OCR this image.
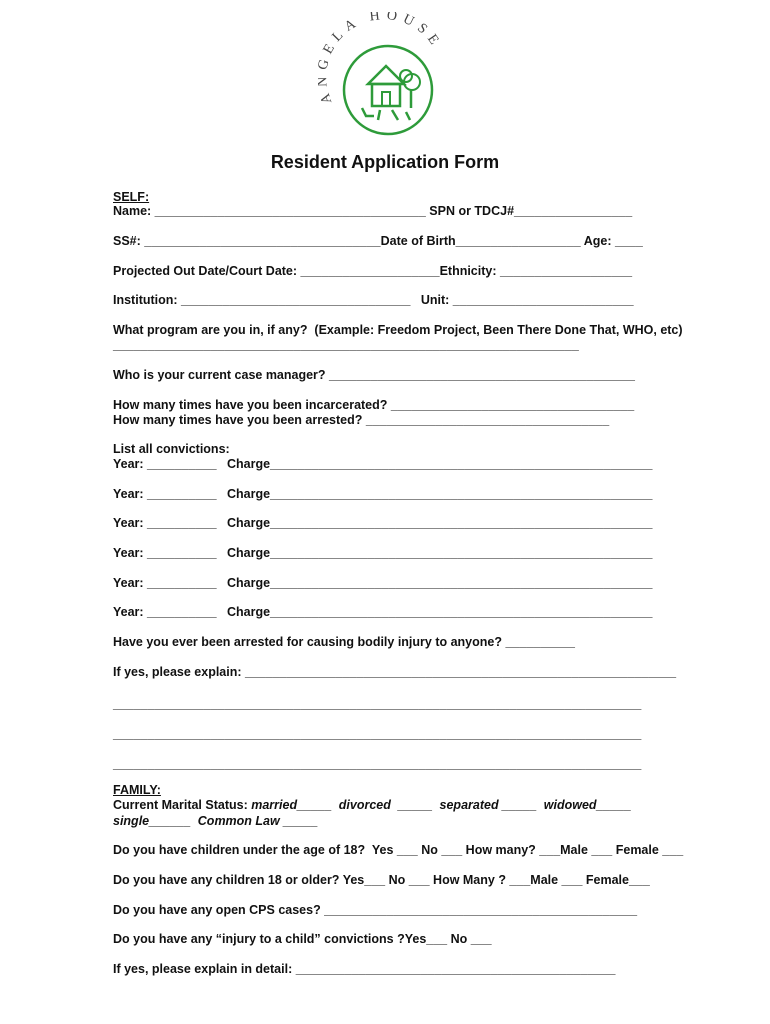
A ELA HOUSE
Resident Application Form
SELF:
Name: _______________________________________ SPN or TDCJ#_________________
SS#: __________________________________Date of Birth__________________ Age: ____
Projected Out Date/Court Date: ____________________Ethnicity: ___________________
Institution: _________________________________   Unit: __________________________
What program are you in, if any?  (Example: Freedom Project, Been There Done That, WHO, etc)
___________________________________________________________________
Who is your current case manager? ____________________________________________
How many times have you been incarcerated? ___________________________________
How many times have you been arrested? ___________________________________
List all convictions:
Year: __________   Charge_______________________________________________________
Year: __________   Charge_______________________________________________________
Year: __________   Charge_______________________________________________________
Year: __________   Charge_______________________________________________________
Year: __________   Charge_______________________________________________________
Year: __________   Charge_______________________________________________________
Have you ever been arrested for causing bodily injury to anyone? __________
If yes, please explain: ______________________________________________________________
____________________________________________________________________________
____________________________________________________________________________
____________________________________________________________________________
FAMILY:
Current Marital Status: married_____  divorced  _____  separated _____  widowed_____
single______  Common Law _____
Do you have children under the age of 18?  Yes ___ No ___ How many? ___Male ___ Female ___
Do you have any children 18 or older? Yes___ No ___ How Many ? ___Male ___ Female___
Do you have any open CPS cases? _____________________________________________
Do you have any “injury to a child” convictions ?Yes___ No ___
If yes, please explain in detail: ______________________________________________
